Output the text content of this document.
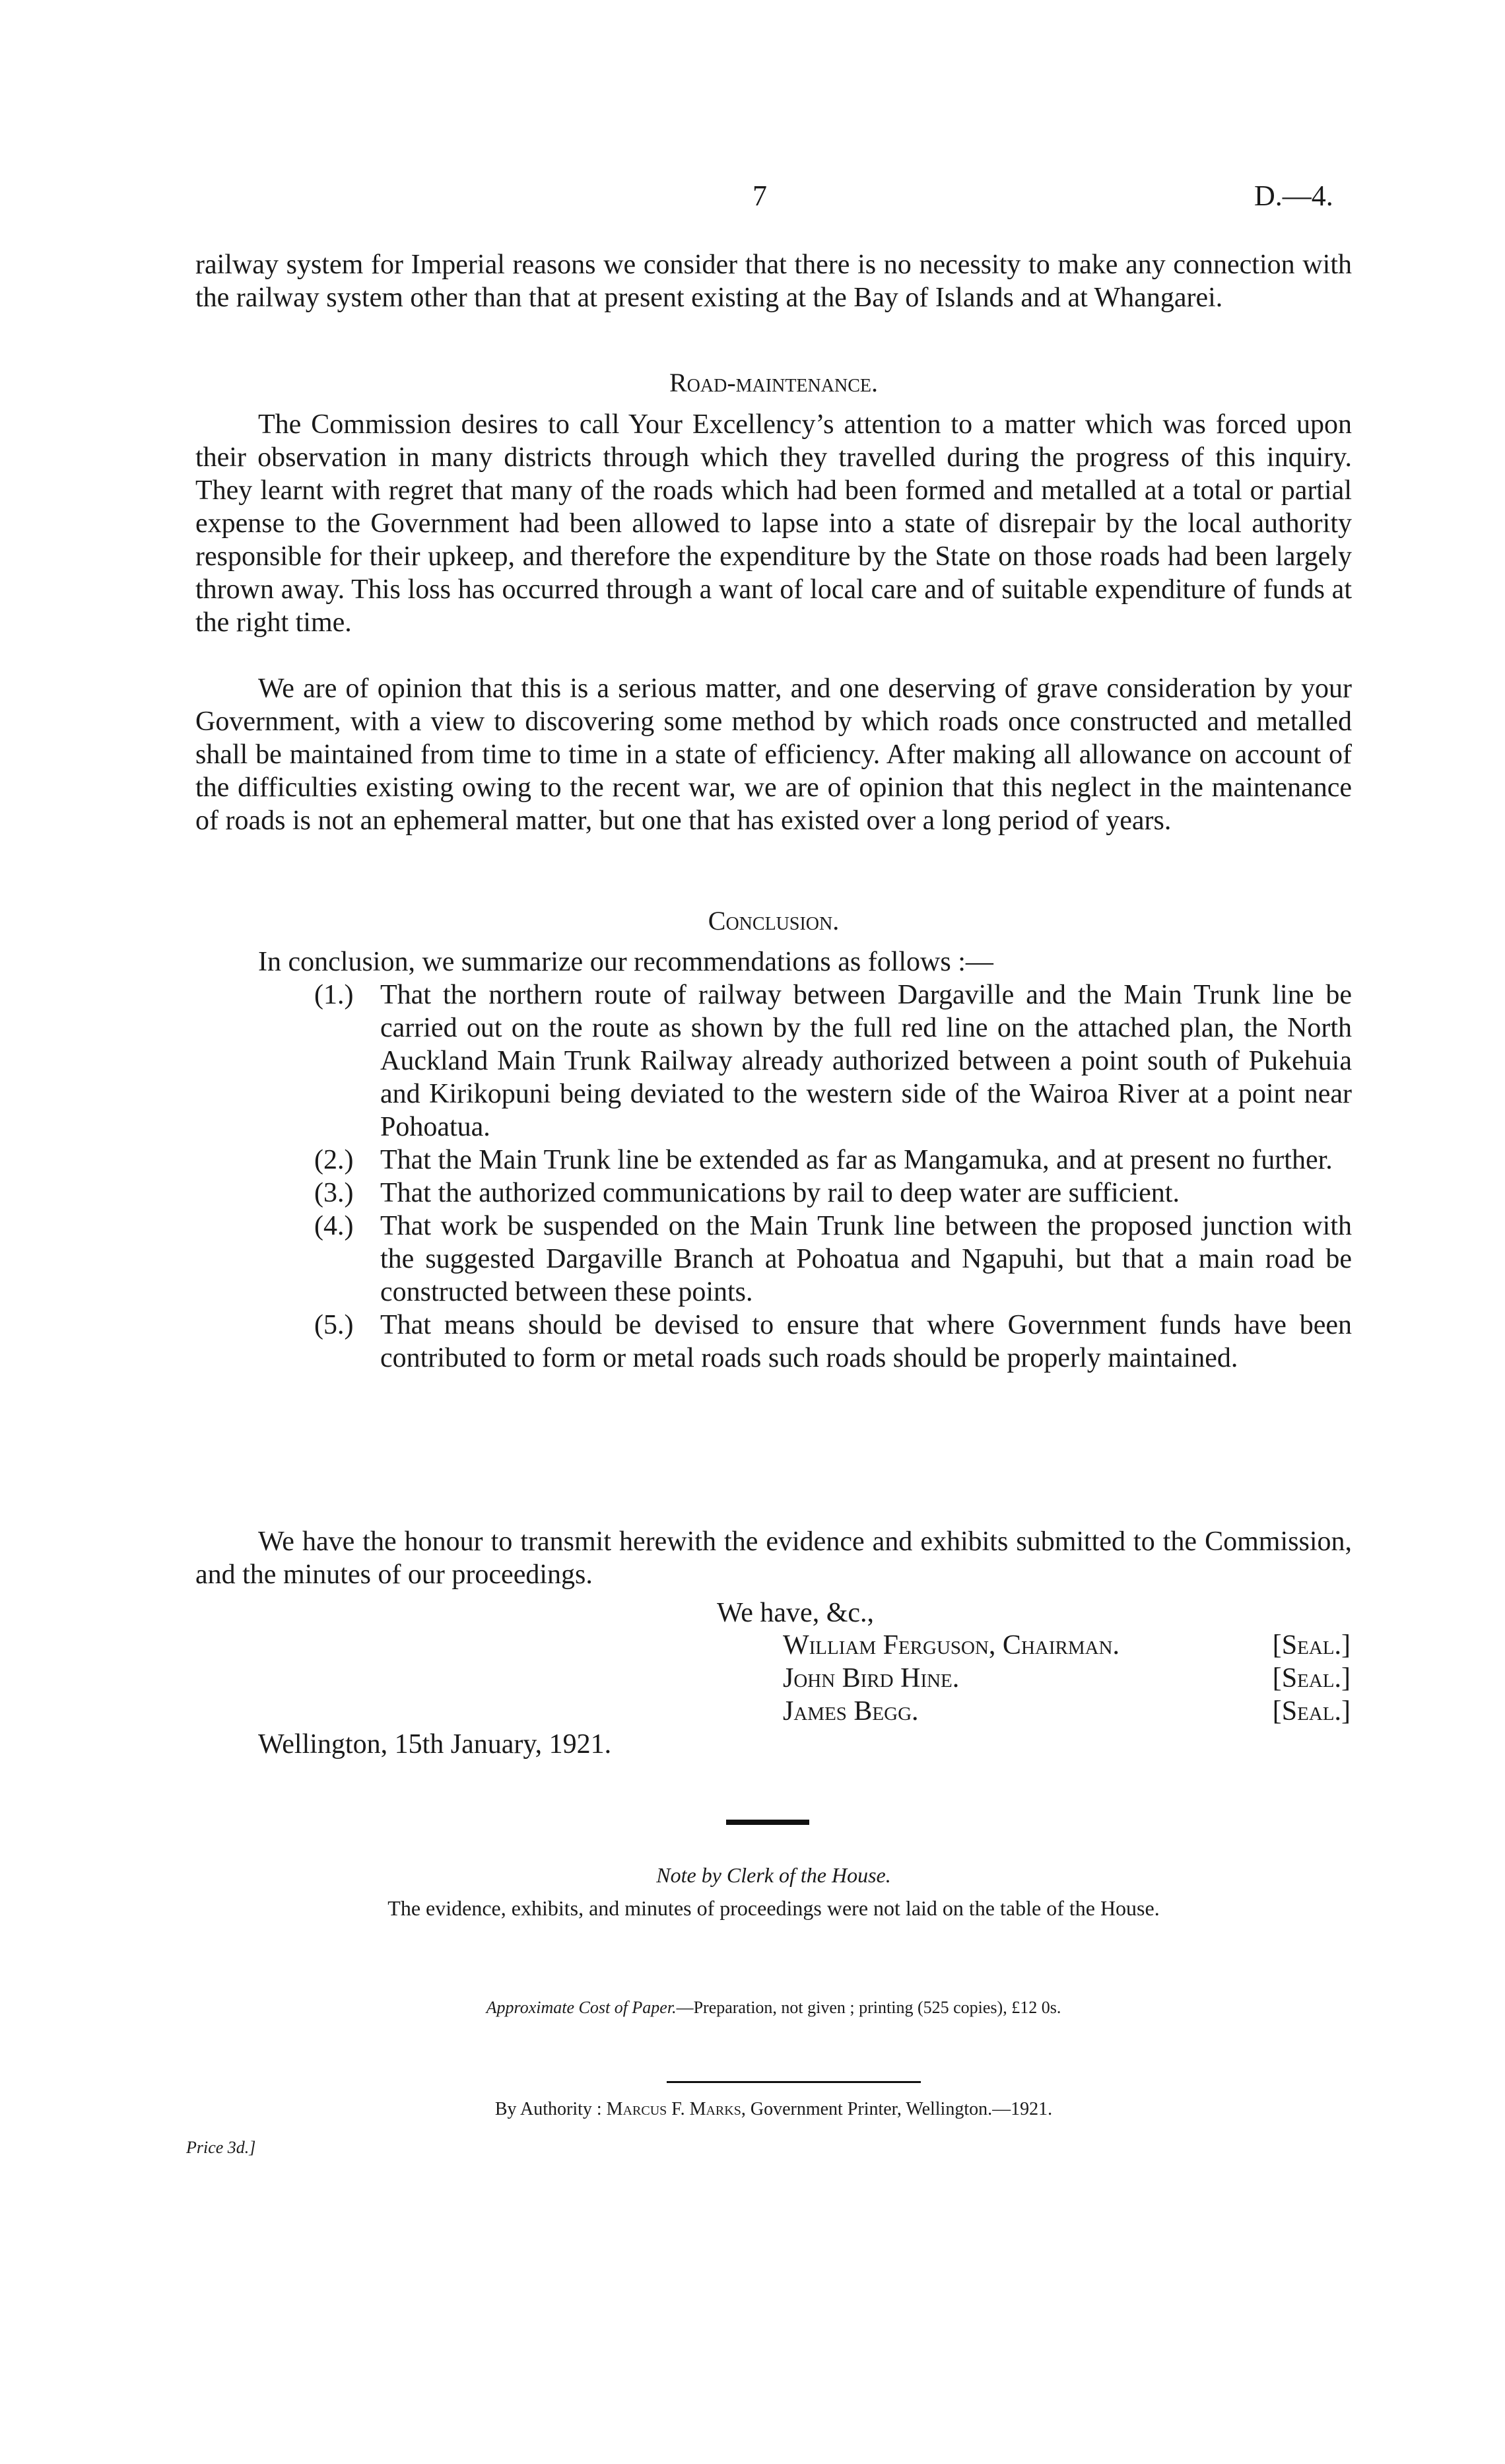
7	D.—4.

railway system for Imperial reasons we consider that there is no necessity to make any connection with the railway system other than that at present existing at the Bay of Islands and at Whangarei.

Road-maintenance.

The Commission desires to call Your Excellency’s attention to a matter which was forced upon their observation in many districts through which they travelled during the progress of this inquiry. They learnt with regret that many of the roads which had been formed and metalled at a total or partial expense to the Government had been allowed to lapse into a state of disrepair by the local authority responsible for their upkeep, and therefore the expenditure by the State on those roads had been largely thrown away. This loss has occurred through a want of local care and of suitable expenditure of funds at the right time.

We are of opinion that this is a serious matter, and one deserving of grave consideration by your Government, with a view to discovering some method by which roads once constructed and metalled shall be maintained from time to time in a state of efficiency. After making all allowance on account of the difficulties existing owing to the recent war, we are of opinion that this neglect in the maintenance of roads is not an ephemeral matter, but one that has existed over a long period of years.

Conclusion.

In conclusion, we summarize our recommendations as follows :—

(1.) That the northern route of railway between Dargaville and the Main Trunk line be carried out on the route as shown by the full red line on the attached plan, the North Auckland Main Trunk Railway already authorized between a point south of Pukehuia and Kirikopuni being deviated to the western side of the Wairoa River at a point near Pohoatua.
(2.) That the Main Trunk line be extended as far as Mangamuka, and at present no further.
(3.) That the authorized communications by rail to deep water are sufficient.
(4.) That work be suspended on the Main Trunk line between the proposed junction with the suggested Dargaville Branch at Pohoatua and Ngapuhi, but that a main road be constructed between these points.
(5.) That means should be devised to ensure that where Government funds have been contributed to form or metal roads such roads should be properly maintained.

We have the honour to transmit herewith the evidence and exhibits submitted to the Commission, and the minutes of our proceedings.

We have, &c.,
William Ferguson, Chairman.	[Seal.]
John Bird Hine.	[Seal.]
James Begg.	[Seal.]
Wellington, 15th January, 1921.
Note by Clerk of the House.
The evidence, exhibits, and minutes of proceedings were not laid on the table of the House.
Approximate Cost of Paper.—Preparation, not given ; printing (525 copies), £12 0s.
By Authority : Marcus F. Marks, Government Printer, Wellington.—1921.
Price 3d.]
